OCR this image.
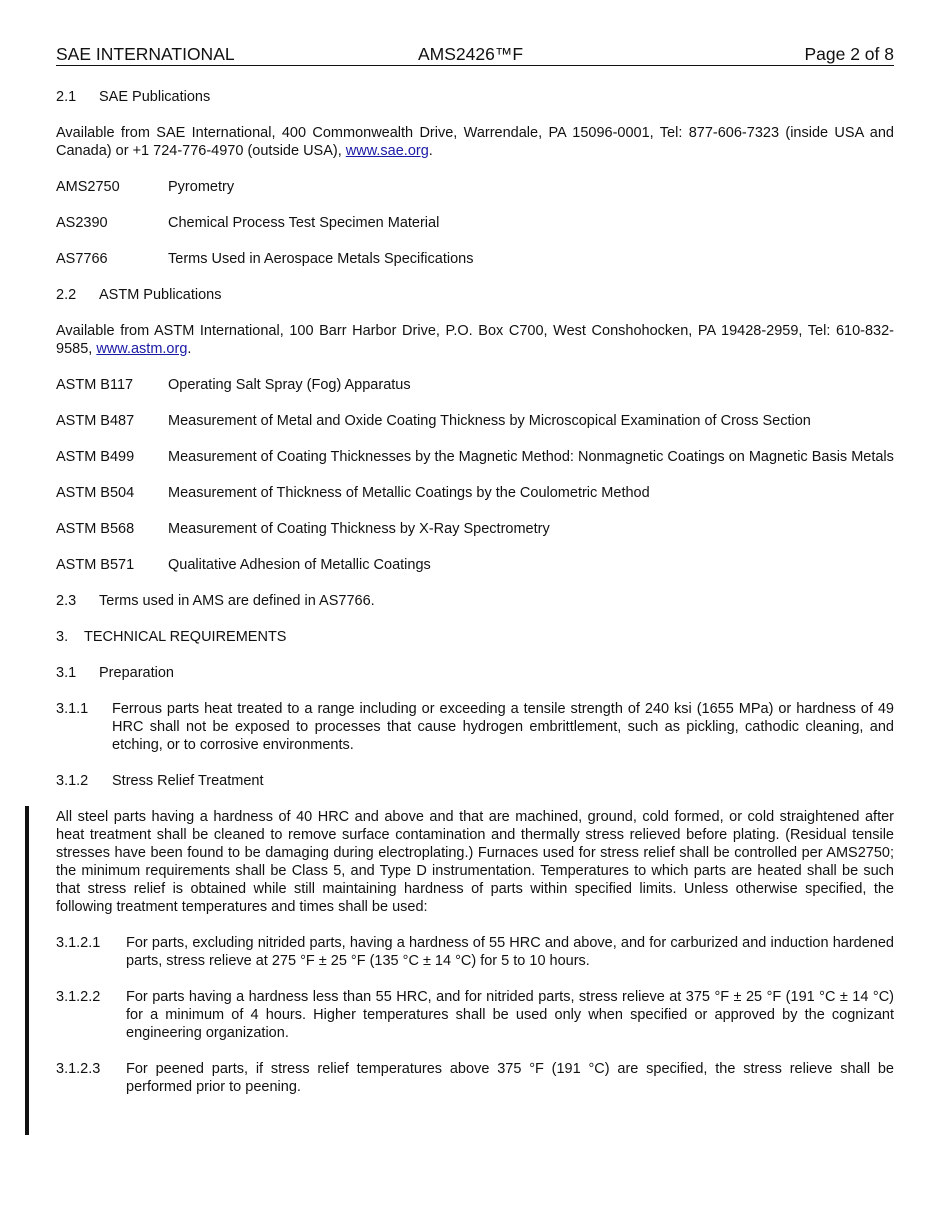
SAE INTERNATIONAL	AMS2426™F	Page 2 of 8
2.1 SAE Publications

Available from SAE International, 400 Commonwealth Drive, Warrendale, PA 15096-0001, Tel: 877-606-7323 (inside USA and Canada) or +1 724-776-4970 (outside USA), www.sae.org.

AMS2750	Pyrometry
AS2390	Chemical Process Test Specimen Material
AS7766	Terms Used in Aerospace Metals Specifications
2.2 ASTM Publications

Available from ASTM International, 100 Barr Harbor Drive, P.O. Box C700, West Conshohocken, PA 19428-2959, Tel: 610-832-9585, www.astm.org.

ASTM B117	Operating Salt Spray (Fog) Apparatus
ASTM B487	Measurement of Metal and Oxide Coating Thickness by Microscopical Examination of Cross Section
ASTM B499	Measurement of Coating Thicknesses by the Magnetic Method: Nonmagnetic Coatings on Magnetic Basis Metals
ASTM B504	Measurement of Thickness of Metallic Coatings by the Coulometric Method
ASTM B568	Measurement of Coating Thickness by X-Ray Spectrometry
ASTM B571	Qualitative Adhesion of Metallic Coatings
2.3 Terms used in AMS are defined in AS7766.
3. TECHNICAL REQUIREMENTS
3.1 Preparation
3.1.1	Ferrous parts heat treated to a range including or exceeding a tensile strength of 240 ksi (1655 MPa) or hardness of 49 HRC shall not be exposed to processes that cause hydrogen embrittlement, such as pickling, cathodic cleaning, and etching, or to corrosive environments.
3.1.2 Stress Relief Treatment

All steel parts having a hardness of 40 HRC and above and that are machined, ground, cold formed, or cold straightened after heat treatment shall be cleaned to remove surface contamination and thermally stress relieved before plating. (Residual tensile stresses have been found to be damaging during electroplating.) Furnaces used for stress relief shall be controlled per AMS2750; the minimum requirements shall be Class 5, and Type D instrumentation. Temperatures to which parts are heated shall be such that stress relief is obtained while still maintaining hardness of parts within specified limits. Unless otherwise specified, the following treatment temperatures and times shall be used:

3.1.2.1	For parts, excluding nitrided parts, having a hardness of 55 HRC and above, and for carburized and induction hardened parts, stress relieve at 275 °F ± 25 °F (135 °C ± 14 °C) for 5 to 10 hours.
3.1.2.2	For parts having a hardness less than 55 HRC, and for nitrided parts, stress relieve at 375 °F ± 25 °F (191 °C ± 14 °C) for a minimum of 4 hours. Higher temperatures shall be used only when specified or approved by the cognizant engineering organization.
3.1.2.3	For peened parts, if stress relief temperatures above 375 °F (191 °C) are specified, the stress relieve shall be performed prior to peening.
